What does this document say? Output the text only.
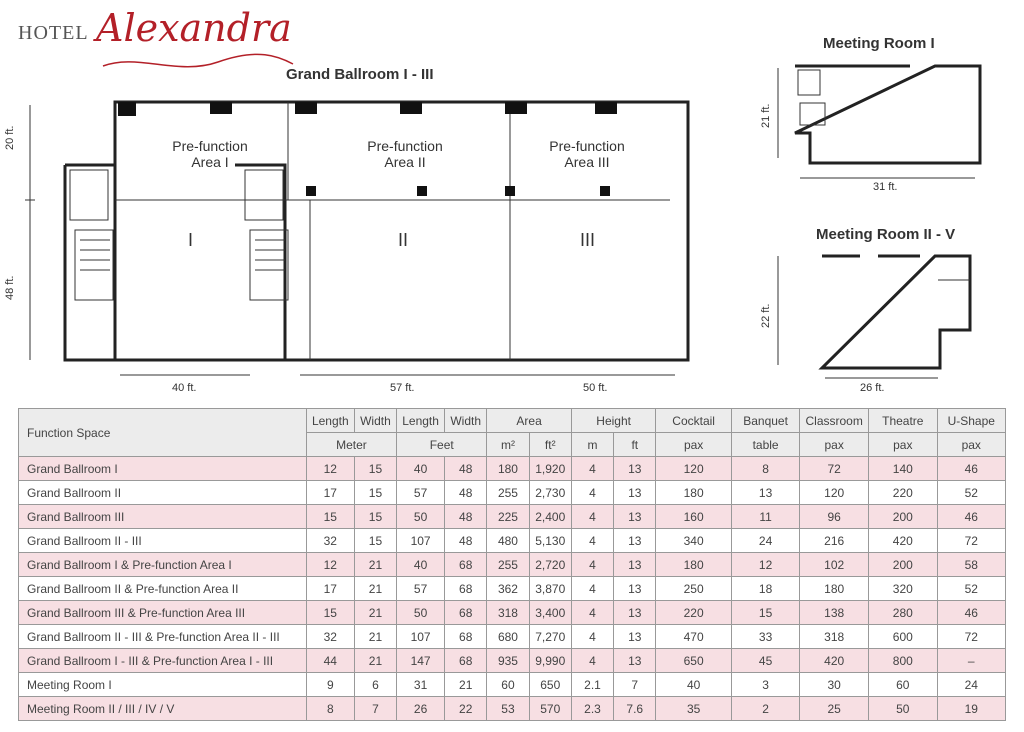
HOTEL Alexandra
Grand Ballroom I - III
Meeting Room I
Meeting Room II - V
Pre-function Area I
Pre-function Area II
Pre-function Area III
I	II	III
20 ft.
48 ft.
40 ft.	57 ft.	50 ft.
21 ft.
31 ft.
22 ft.
26 ft.
Function Space	Length	Width	Length	Width	Area		Height		Cocktail	Banquet	Classroom	Theatre	U-Shape
	Meter		Feet		m²	ft²	m	ft	pax	table	pax	pax	pax
Grand Ballroom I	12	15	40	48	180	1,920	4	13	120	8	72	140	46
Grand Ballroom II	17	15	57	48	255	2,730	4	13	180	13	120	220	52
Grand Ballroom III	15	15	50	48	225	2,400	4	13	160	11	96	200	46
Grand Ballroom II - III	32	15	107	48	480	5,130	4	13	340	24	216	420	72
Grand Ballroom I & Pre-function Area I	12	21	40	68	255	2,720	4	13	180	12	102	200	58
Grand Ballroom II & Pre-function Area II	17	21	57	68	362	3,870	4	13	250	18	180	320	52
Grand Ballroom III & Pre-function Area III	15	21	50	68	318	3,400	4	13	220	15	138	280	46
Grand Ballroom II - III & Pre-function Area II - III	32	21	107	68	680	7,270	4	13	470	33	318	600	72
Grand Ballroom I - III & Pre-function Area I - III	44	21	147	68	935	9,990	4	13	650	45	420	800	–
Meeting Room I	9	6	31	21	60	650	2.1	7	40	3	30	60	24
Meeting Room II / III / IV / V	8	7	26	22	53	570	2.3	7.6	35	2	25	50	19
